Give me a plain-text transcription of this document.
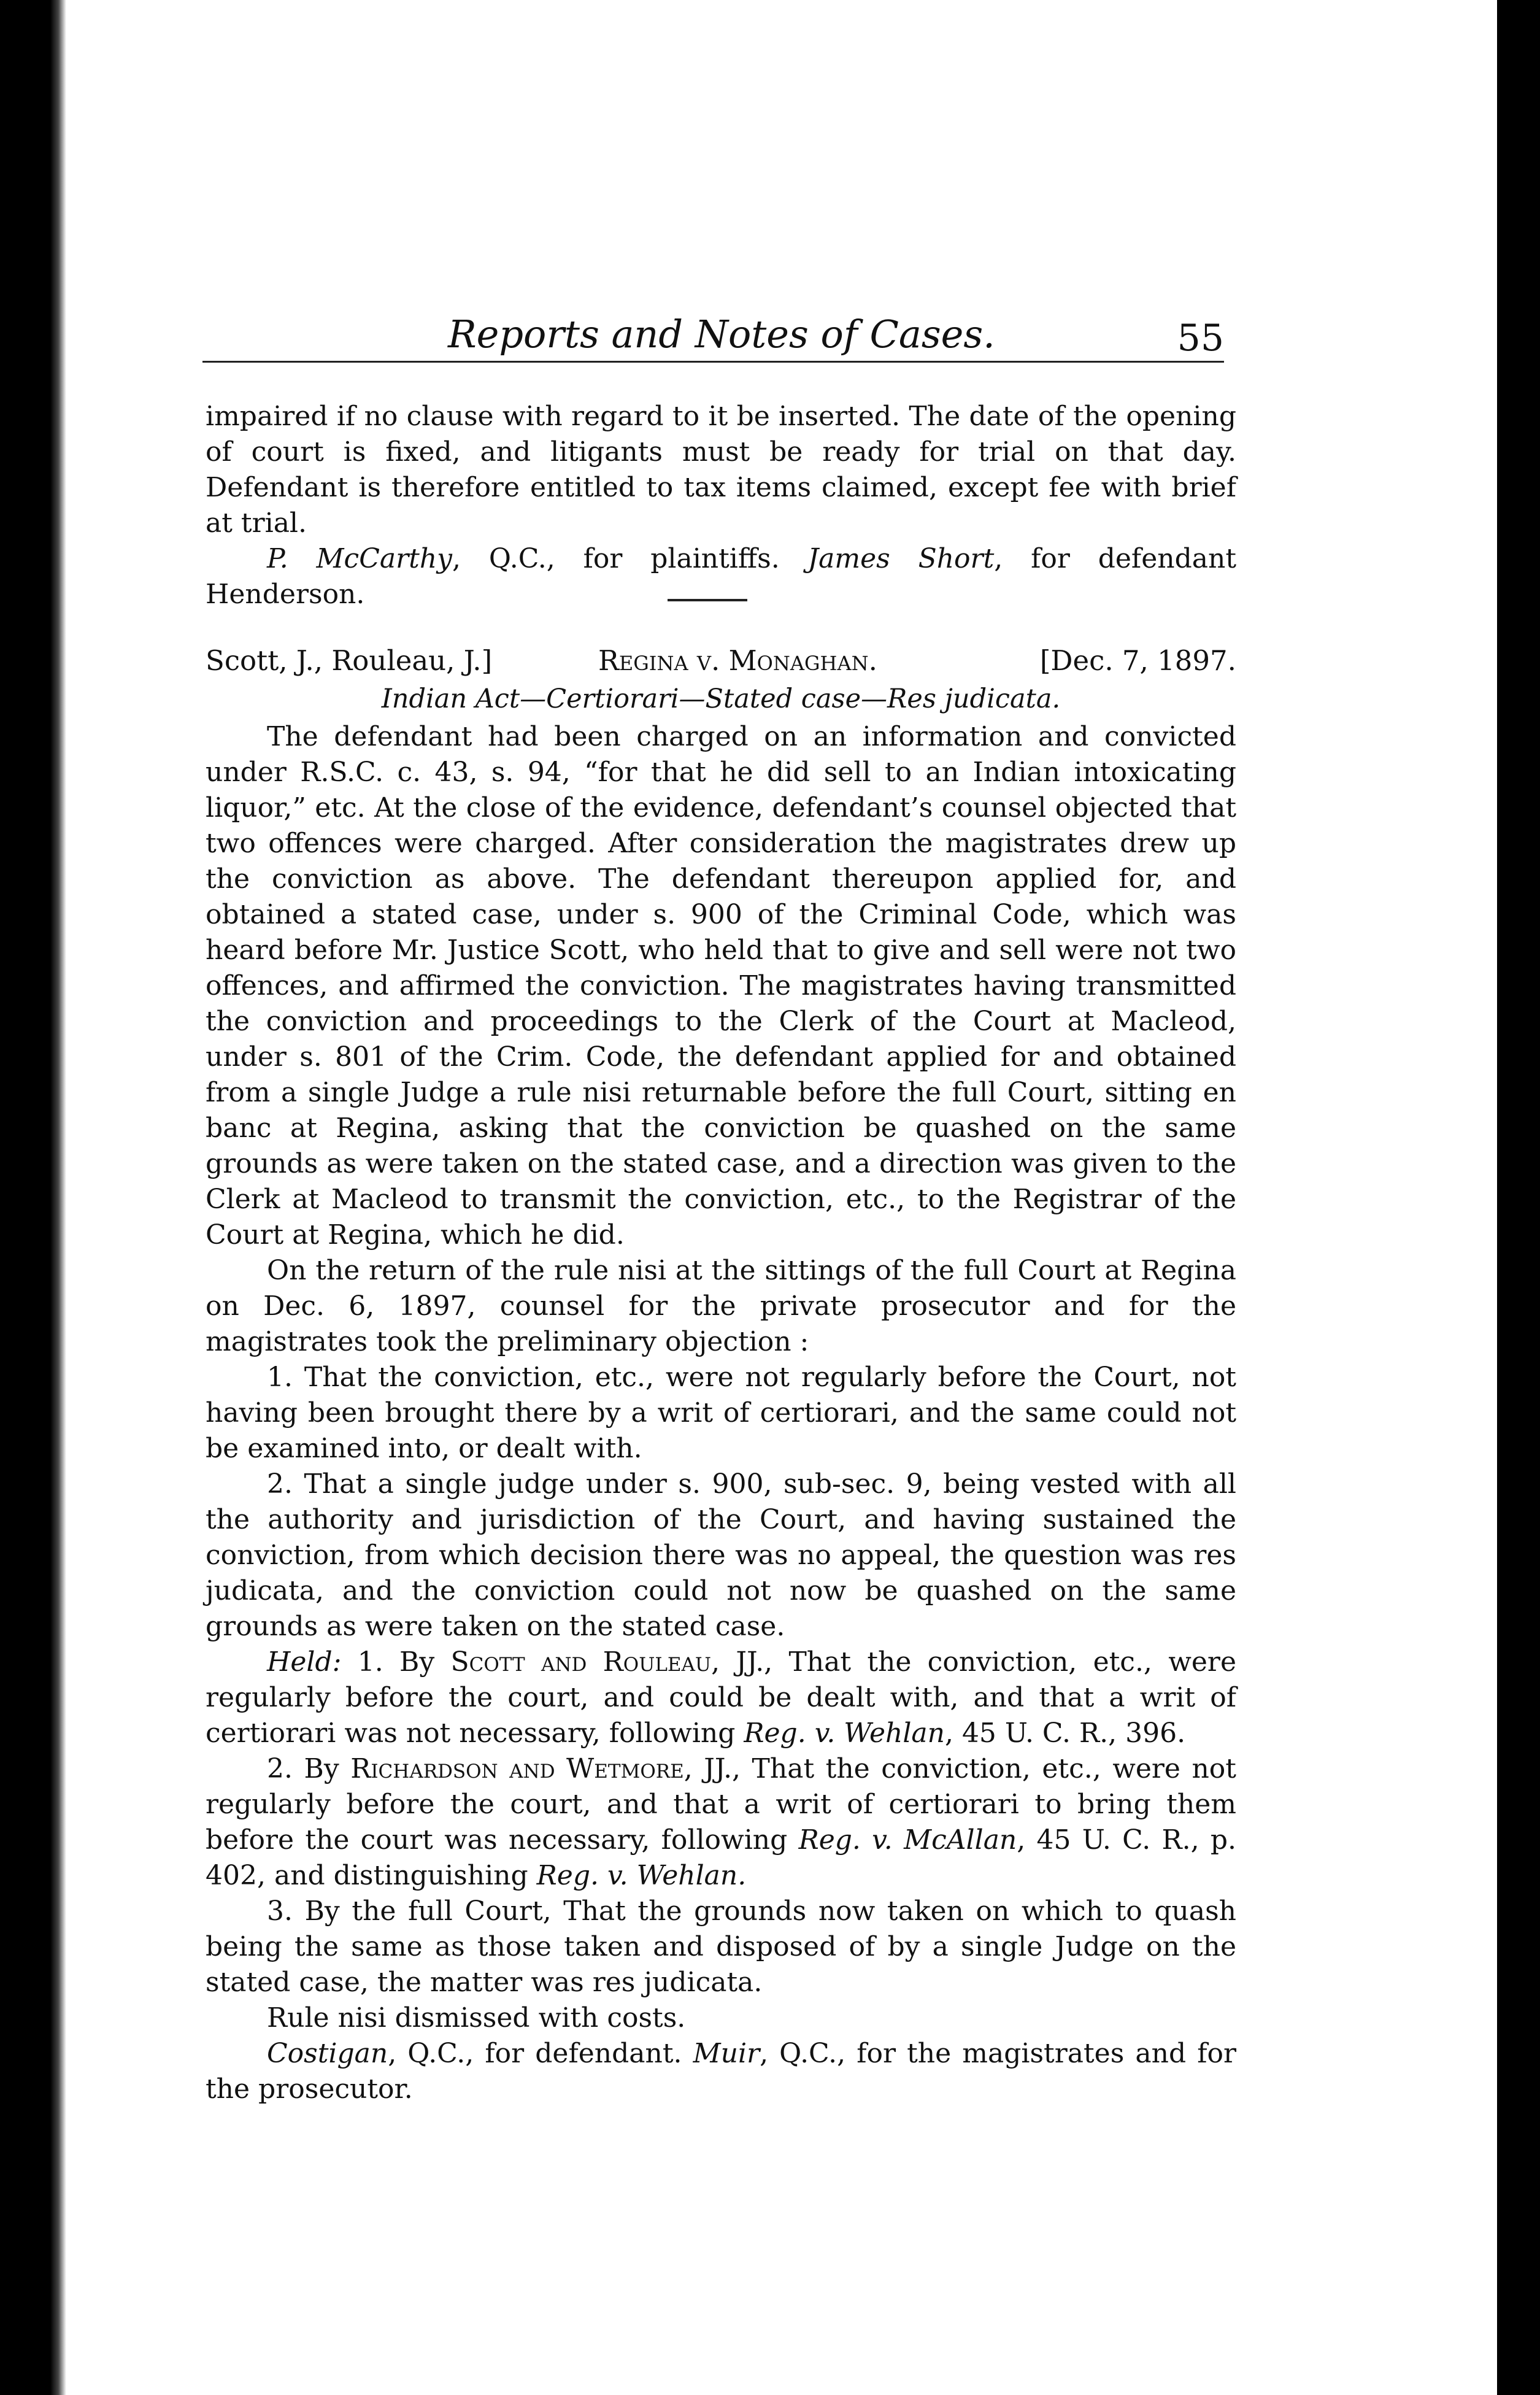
Reports and Notes of Cases.	55

impaired if no clause with regard to it be inserted. The date of the opening of court is fixed, and litigants must be ready for trial on that day. Defendant is therefore entitled to tax items claimed, except fee with brief at trial.

P. McCarthy, Q.C., for plaintiffs. James Short, for defendant Henderson.

Scott, J., Rouleau, J.]	Regina v. Monaghan.	[Dec. 7, 1897.

Indian Act—Certiorari—Stated case—Res judicata.

The defendant had been charged on an information and convicted under R.S.C. c. 43, s. 94, “for that he did sell to an Indian intoxicating liquor,” etc. At the close of the evidence, defendant’s counsel objected that two offences were charged. After consideration the magistrates drew up the conviction as above. The defendant thereupon applied for, and obtained a stated case, under s. 900 of the Criminal Code, which was heard before Mr. Justice Scott, who held that to give and sell were not two offences, and affirmed the conviction. The magistrates having transmitted the conviction and proceedings to the Clerk of the Court at Macleod, under s. 801 of the Crim. Code, the defendant applied for and obtained from a single Judge a rule nisi returnable before the full Court, sitting en banc at Regina, asking that the conviction be quashed on the same grounds as were taken on the stated case, and a direction was given to the Clerk at Macleod to transmit the conviction, etc., to the Registrar of the Court at Regina, which he did.

On the return of the rule nisi at the sittings of the full Court at Regina on Dec. 6, 1897, counsel for the private prosecutor and for the magistrates took the preliminary objection :

1. That the conviction, etc., were not regularly before the Court, not having been brought there by a writ of certiorari, and the same could not be examined into, or dealt with.

2. That a single judge under s. 900, sub-sec. 9, being vested with all the authority and jurisdiction of the Court, and having sustained the conviction, from which decision there was no appeal, the question was res judicata, and the conviction could not now be quashed on the same grounds as were taken on the stated case.

Held: 1. By Scott and Rouleau, JJ., That the conviction, etc., were regularly before the court, and could be dealt with, and that a writ of certiorari was not necessary, following Reg. v. Wehlan, 45 U. C. R., 396.

2. By Richardson and Wetmore, JJ., That the conviction, etc., were not regularly before the court, and that a writ of certiorari to bring them before the court was necessary, following Reg. v. McAllan, 45 U. C. R., p. 402, and distinguishing Reg. v. Wehlan.

3. By the full Court, That the grounds now taken on which to quash being the same as those taken and disposed of by a single Judge on the stated case, the matter was res judicata.

Rule nisi dismissed with costs.

Costigan, Q.C., for defendant. Muir, Q.C., for the magistrates and for the prosecutor.
